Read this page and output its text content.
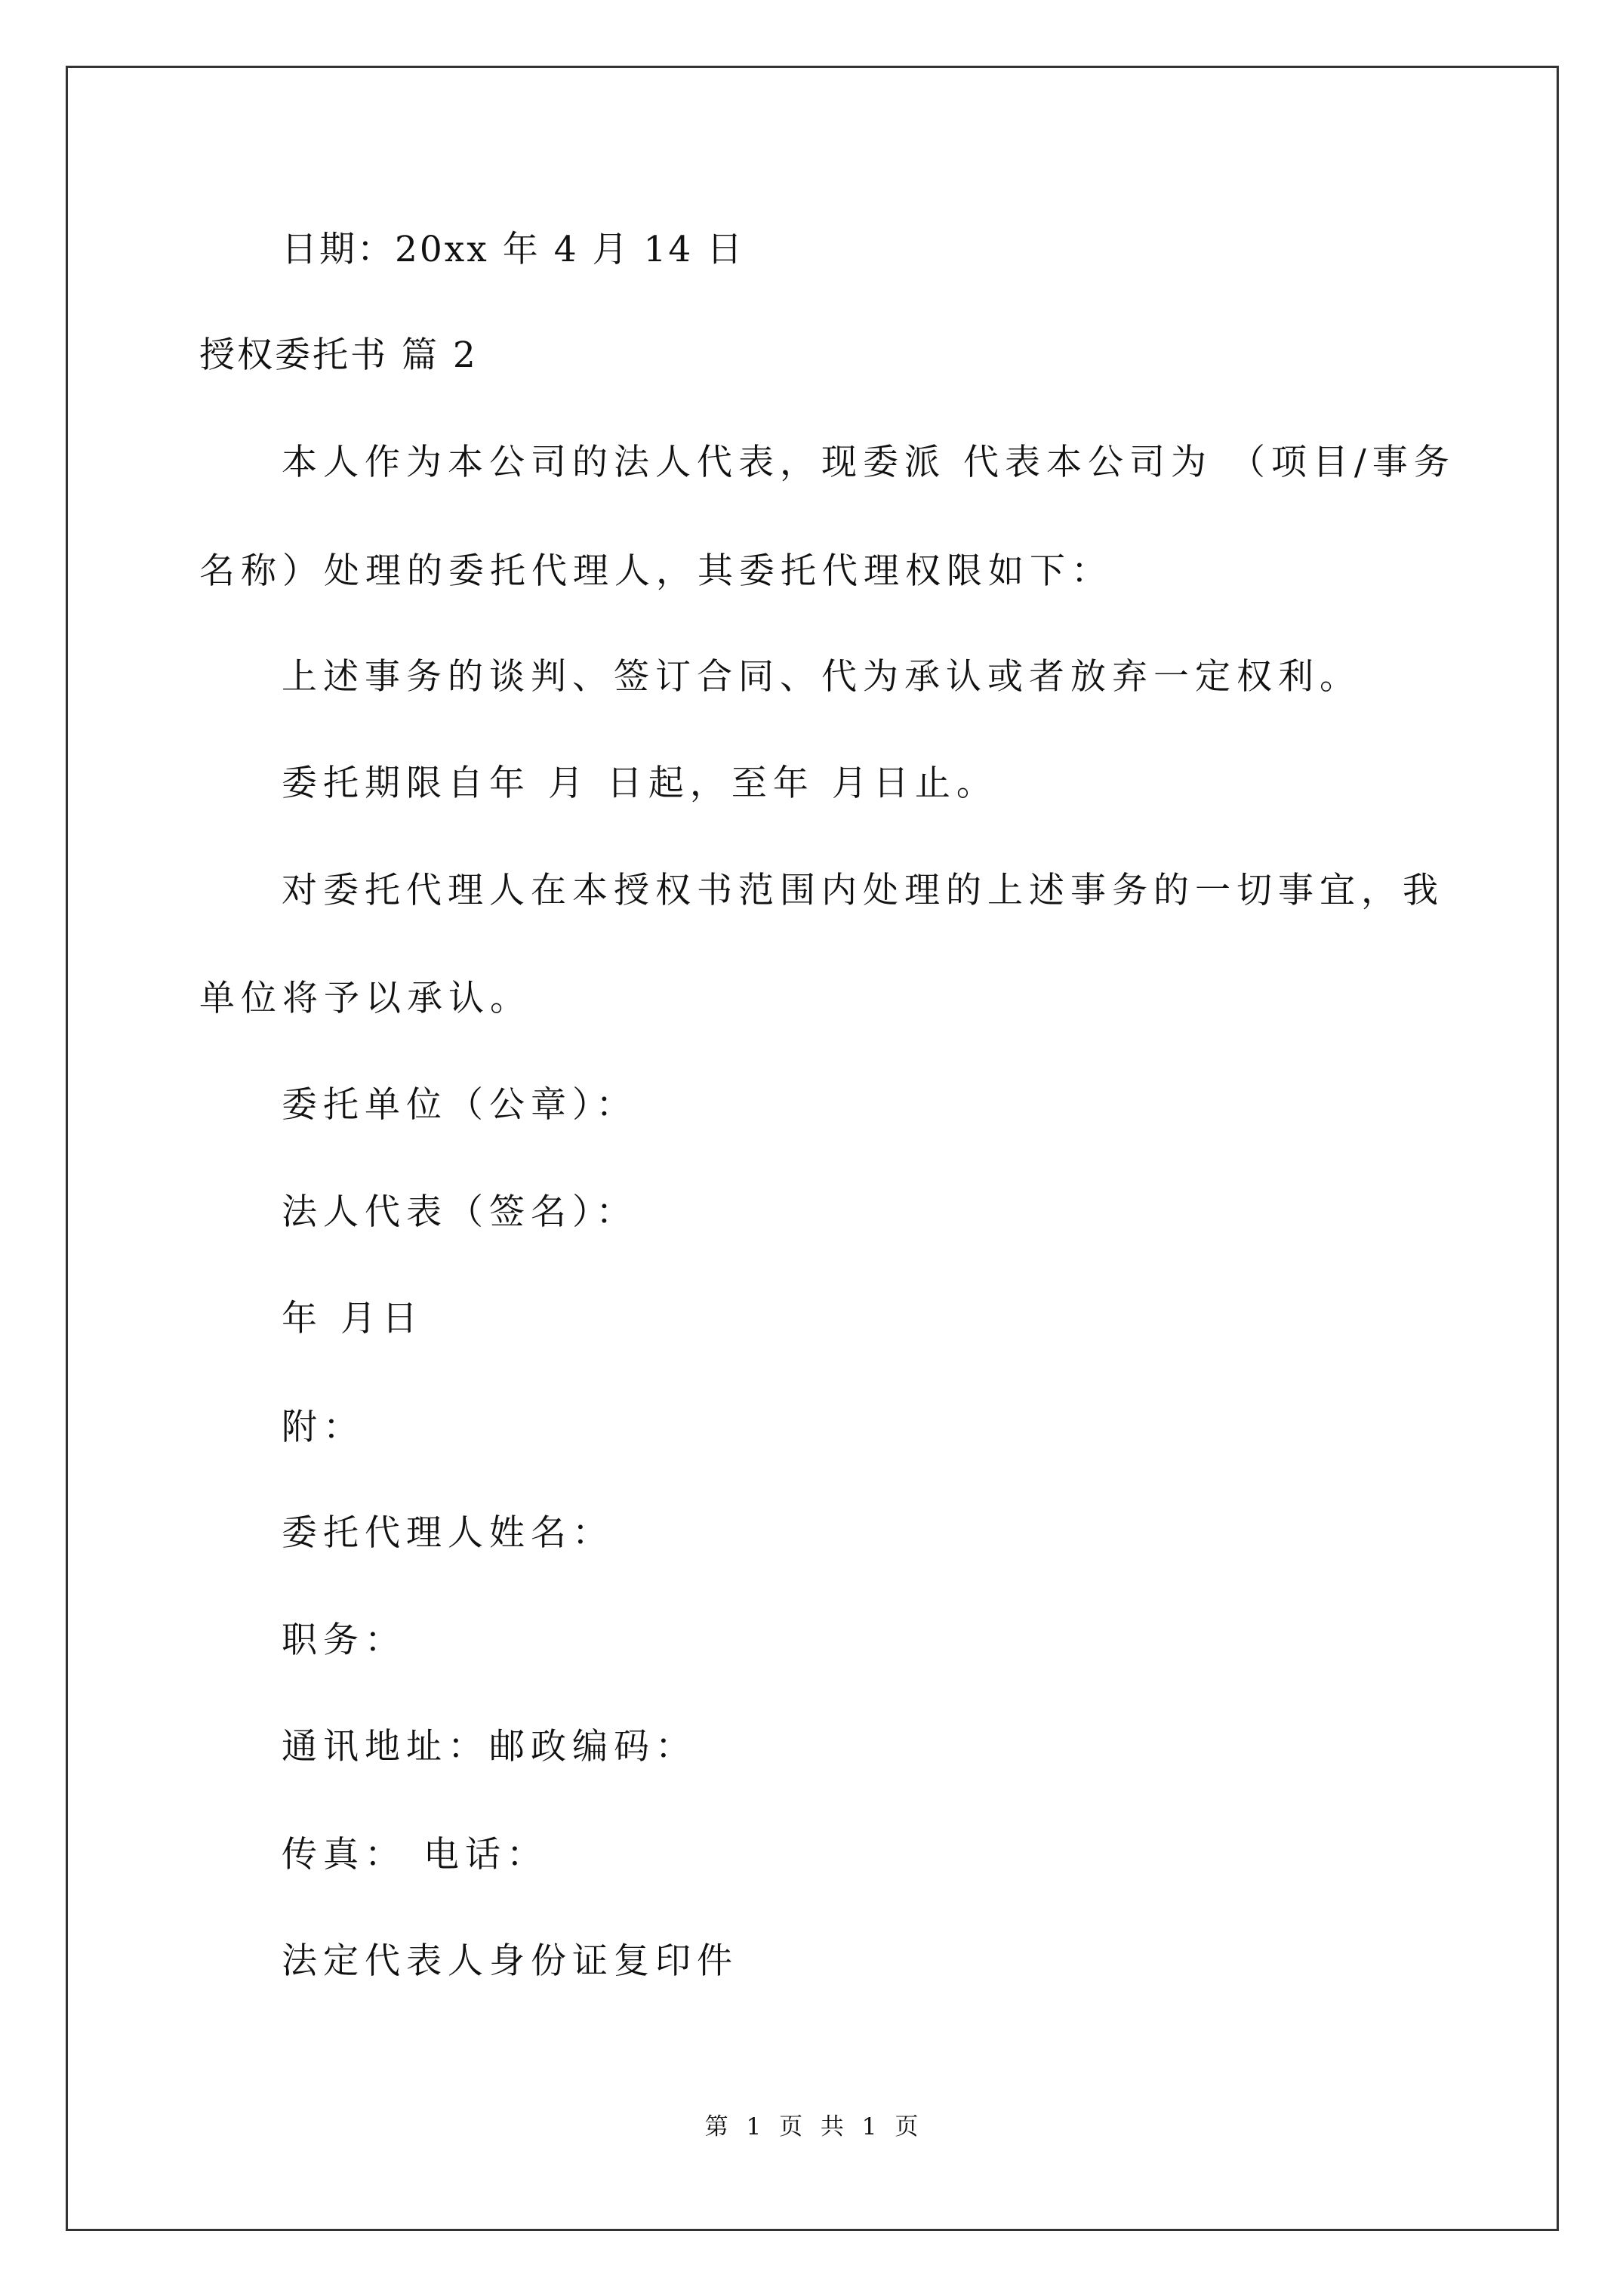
日期：20xx 年 4 月 14 日
授权委托书 篇 2
本人作为本公司的法人代表，现委派 代表本公司为 （项目/事务
名称）处理的委托代理人，其委托代理权限如下：
上述事务的谈判、签订合同、代为承认或者放弃一定权利。
委托期限自年 月 日起，至年 月日止。
对委托代理人在本授权书范围内处理的上述事务的一切事宜，我
单位将予以承认。
委托单位（公章）：
法人代表（签名）：
年 月日
附：
委托代理人姓名：
职务：
通讯地址：邮政编码：
传真： 电话：
法定代表人身份证复印件
第 1 页 共 1 页
